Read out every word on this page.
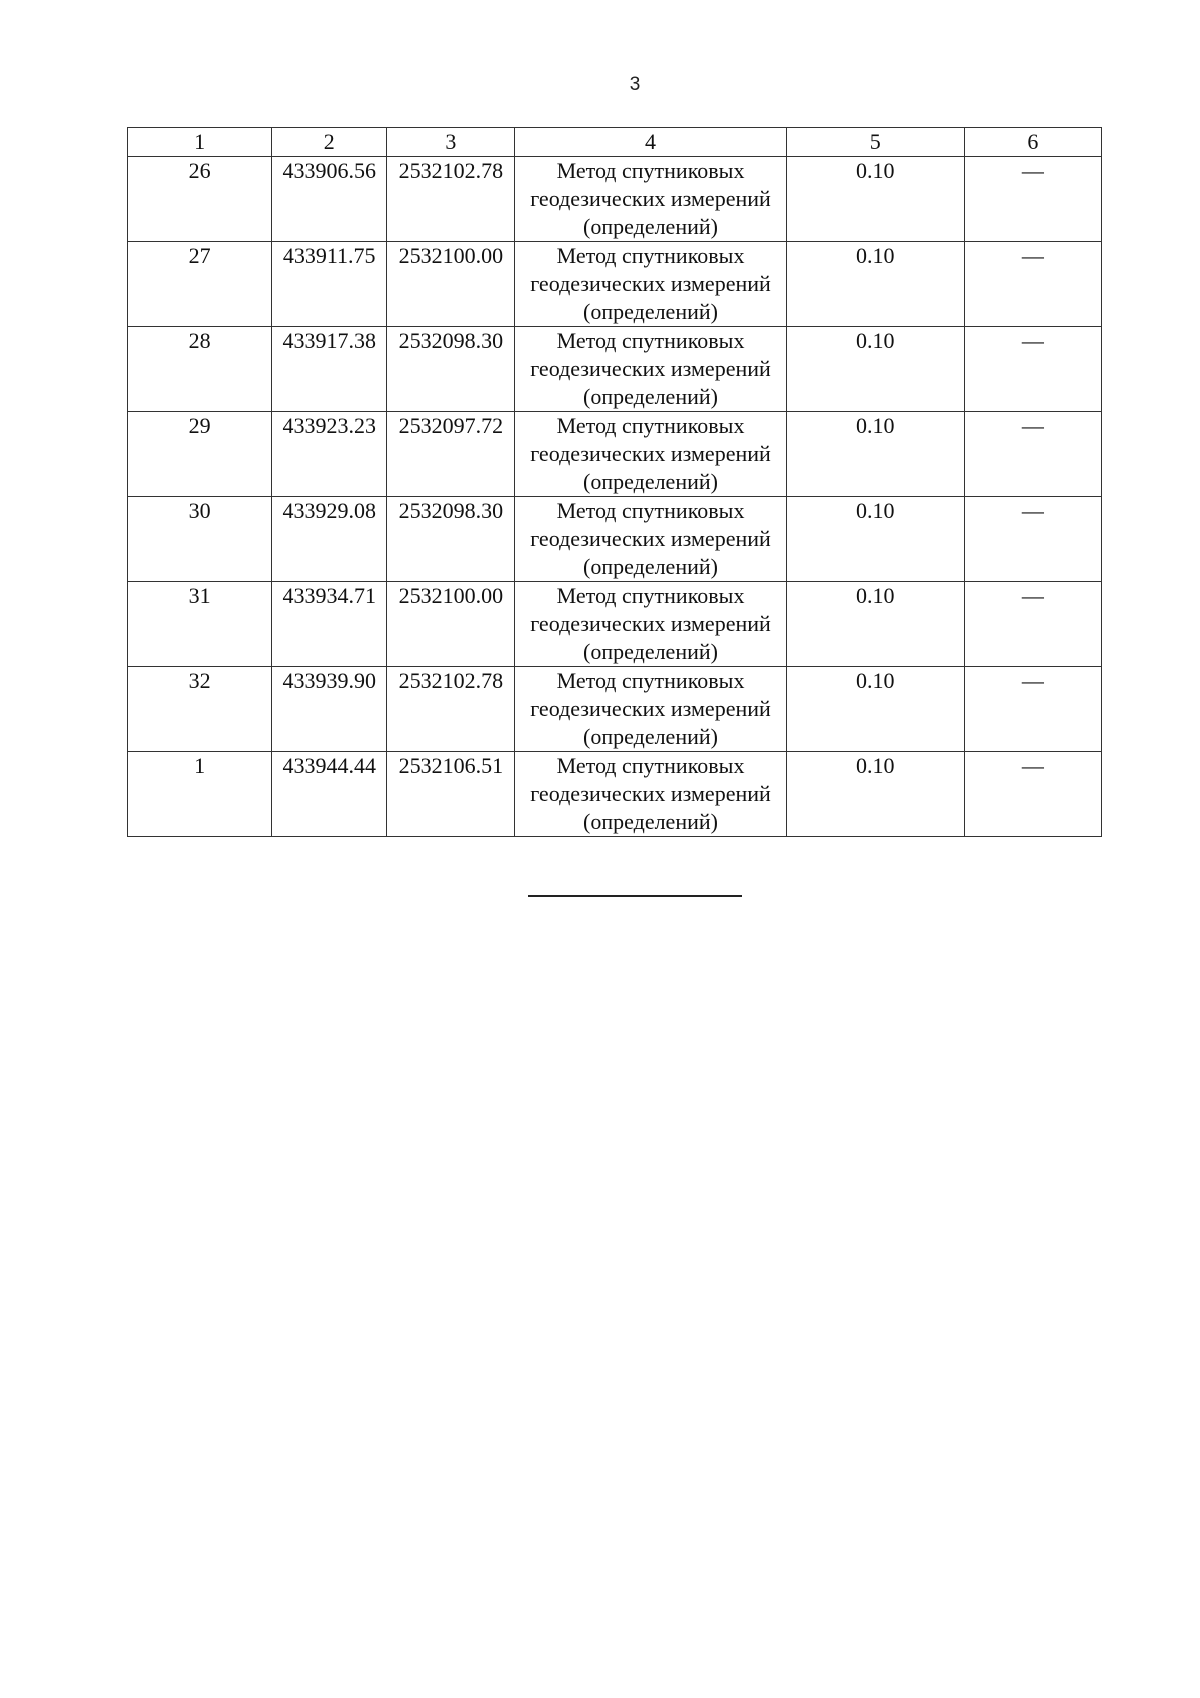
3
1	2	3	4	5	6
26	433906.56	2532102.78	Метод спутниковых
геодезических измерений
(определений)	0.10	—
27	433911.75	2532100.00	Метод спутниковых
геодезических измерений
(определений)	0.10	—
28	433917.38	2532098.30	Метод спутниковых
геодезических измерений
(определений)	0.10	—
29	433923.23	2532097.72	Метод спутниковых
геодезических измерений
(определений)	0.10	—
30	433929.08	2532098.30	Метод спутниковых
геодезических измерений
(определений)	0.10	—
31	433934.71	2532100.00	Метод спутниковых
геодезических измерений
(определений)	0.10	—
32	433939.90	2532102.78	Метод спутниковых
геодезических измерений
(определений)	0.10	—
1	433944.44	2532106.51	Метод спутниковых
геодезических измерений
(определений)	0.10	—
